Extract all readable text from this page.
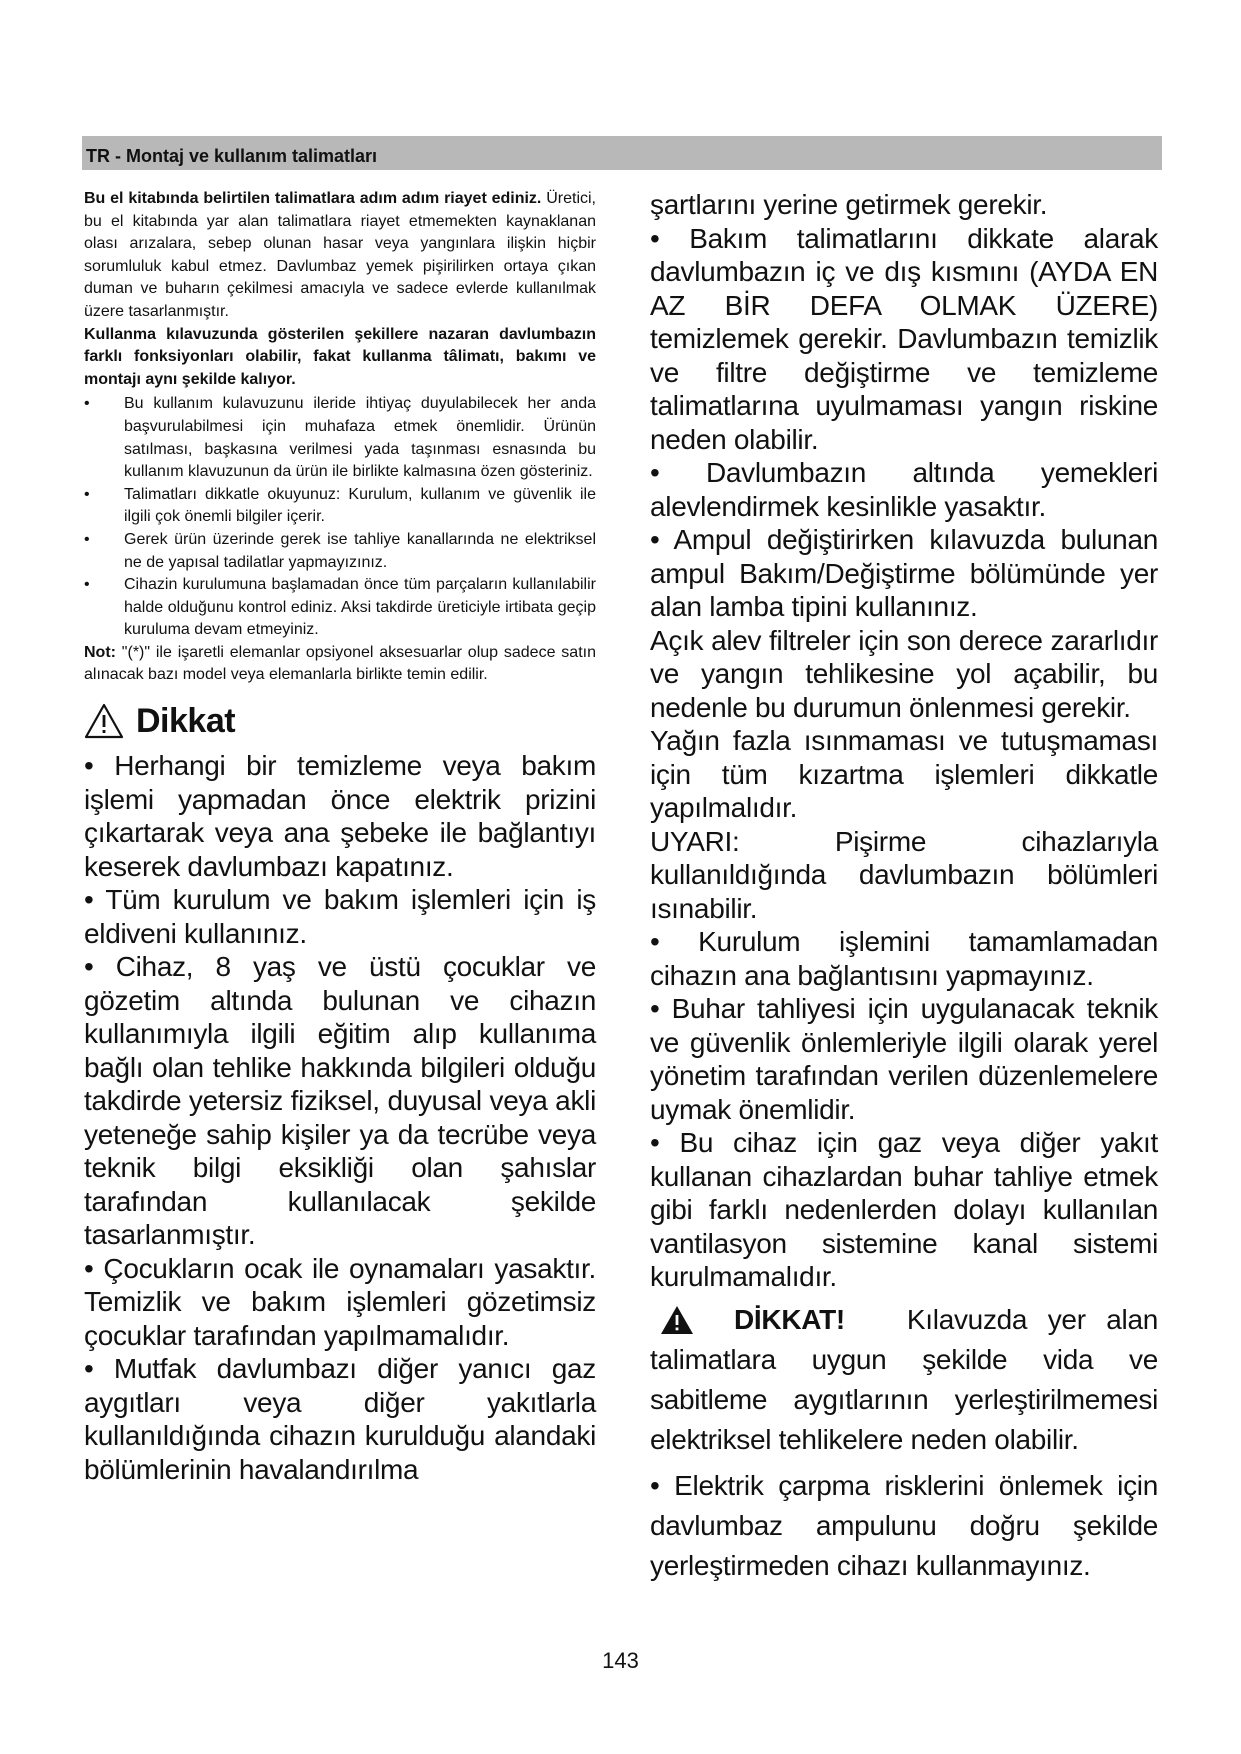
TR - Montaj ve kullanım talimatları

Bu el kitabında belirtilen talimatlara adım adım riayet ediniz. Üretici, bu el kitabında yar alan talimatlara riayet etmemekten kaynaklanan olası arızalara, sebep olunan hasar veya yangınlara ilişkin hiçbir sorumluluk kabul etmez. Davlumbaz yemek pişirilirken ortaya çıkan duman ve buharın çekilmesi amacıyla ve sadece evlerde kullanılmak üzere tasarlanmıştır.

Kullanma kılavuzunda gösterilen şekillere nazaran davlumbazın farklı fonksiyonları olabilir, fakat kullanma tâlimatı, bakımı ve montajı aynı şekilde kalıyor.

• Bu kullanım kulavuzunu ileride ihtiyaç duyulabilecek her anda başvurulabilmesi için muhafaza etmek önemlidir. Ürünün satılması, başkasına verilmesi yada taşınması esnasında bu kullanım klavuzunun da ürün ile birlikte kalmasına özen gösteriniz.
• Talimatları dikkatle okuyunuz: Kurulum, kullanım ve güvenlik ile ilgili çok önemli bilgiler içerir.
• Gerek ürün üzerinde gerek ise tahliye kanallarında ne elektriksel ne de yapısal tadilatlar yapmayızınız.
• Cihazin kurulumuna başlamadan önce tüm parçaların kullanılabilir halde olduğunu kontrol ediniz. Aksi takdirde üreticiyle irtibata geçip kuruluma devam etmeyiniz.

Not: "(*)" ile işaretli elemanlar opsiyonel aksesuarlar olup sadece satın alınacak bazı model veya elemanlarla birlikte temin edilir.

Dikkat

• Herhangi bir temizleme veya bakım işlemi yapmadan önce elektrik prizini çıkartarak veya ana şebeke ile bağlantıyı keserek davlumbazı kapatınız.

• Tüm kurulum ve bakım işlemleri için iş eldiveni kullanınız.

• Cihaz, 8 yaş ve üstü çocuklar ve gözetim altında bulunan ve cihazın kullanımıyla ilgili eğitim alıp kullanıma bağlı olan tehlike hakkında bilgileri olduğu takdirde yetersiz fiziksel, duyusal veya akli yeteneğe sahip kişiler ya da tecrübe veya teknik bilgi eksikliği olan şahıslar tarafından kullanılacak şekilde tasarlanmıştır.

• Çocukların ocak ile oynamaları yasaktır. Temizlik ve bakım işlemleri gözetimsiz çocuklar tarafından yapılmamalıdır.

• Mutfak davlumbazı diğer yanıcı gaz aygıtları veya diğer yakıtlarla kullanıldığında cihazın kurulduğu alandaki bölümlerinin havalandırılma

şartlarını yerine getirmek gerekir.

• Bakım talimatlarını dikkate alarak davlumbazın iç ve dış kısmını (AYDA EN AZ BİR DEFA OLMAK ÜZERE) temizlemek gerekir. Davlumbazın temizlik ve filtre değiştirme ve temizleme talimatlarına uyulmaması yangın riskine neden olabilir.

• Davlumbazın altında yemekleri alevlendirmek kesinlikle yasaktır.

• Ampul değiştirirken kılavuzda bulunan ampul Bakım/Değiştirme bölümünde yer alan lamba tipini kullanınız.

Açık alev filtreler için son derece zararlıdır ve yangın tehlikesine yol açabilir, bu nedenle bu durumun önlenmesi gerekir.

Yağın fazla ısınmaması ve tutuşmaması için tüm kızartma işlemleri dikkatle yapılmalıdır.

UYARI: Pişirme cihazlarıyla kullanıldığında davlumbazın bölümleri ısınabilir.

• Kurulum işlemini tamamlamadan cihazın ana bağlantısını yapmayınız.

• Buhar tahliyesi için uygulanacak teknik ve güvenlik önlemleriyle ilgili olarak yerel yönetim tarafından verilen düzenlemelere uymak önemlidir.

• Bu cihaz için gaz veya diğer yakıt kullanan cihazlardan buhar tahliye etmek gibi farklı nedenlerden dolayı kullanılan vantilasyon sistemine kanal sistemi kurulmamalıdır.

DİKKAT! Kılavuzda yer alan

talimatlara uygun şekilde vida ve sabitleme aygıtlarının yerleştirilmemesi elektriksel tehlikelere neden olabilir.

• Elektrik çarpma risklerini önlemek için davlumbaz ampulunu doğru şekilde yerleştirmeden cihazı kullanmayınız.

143
